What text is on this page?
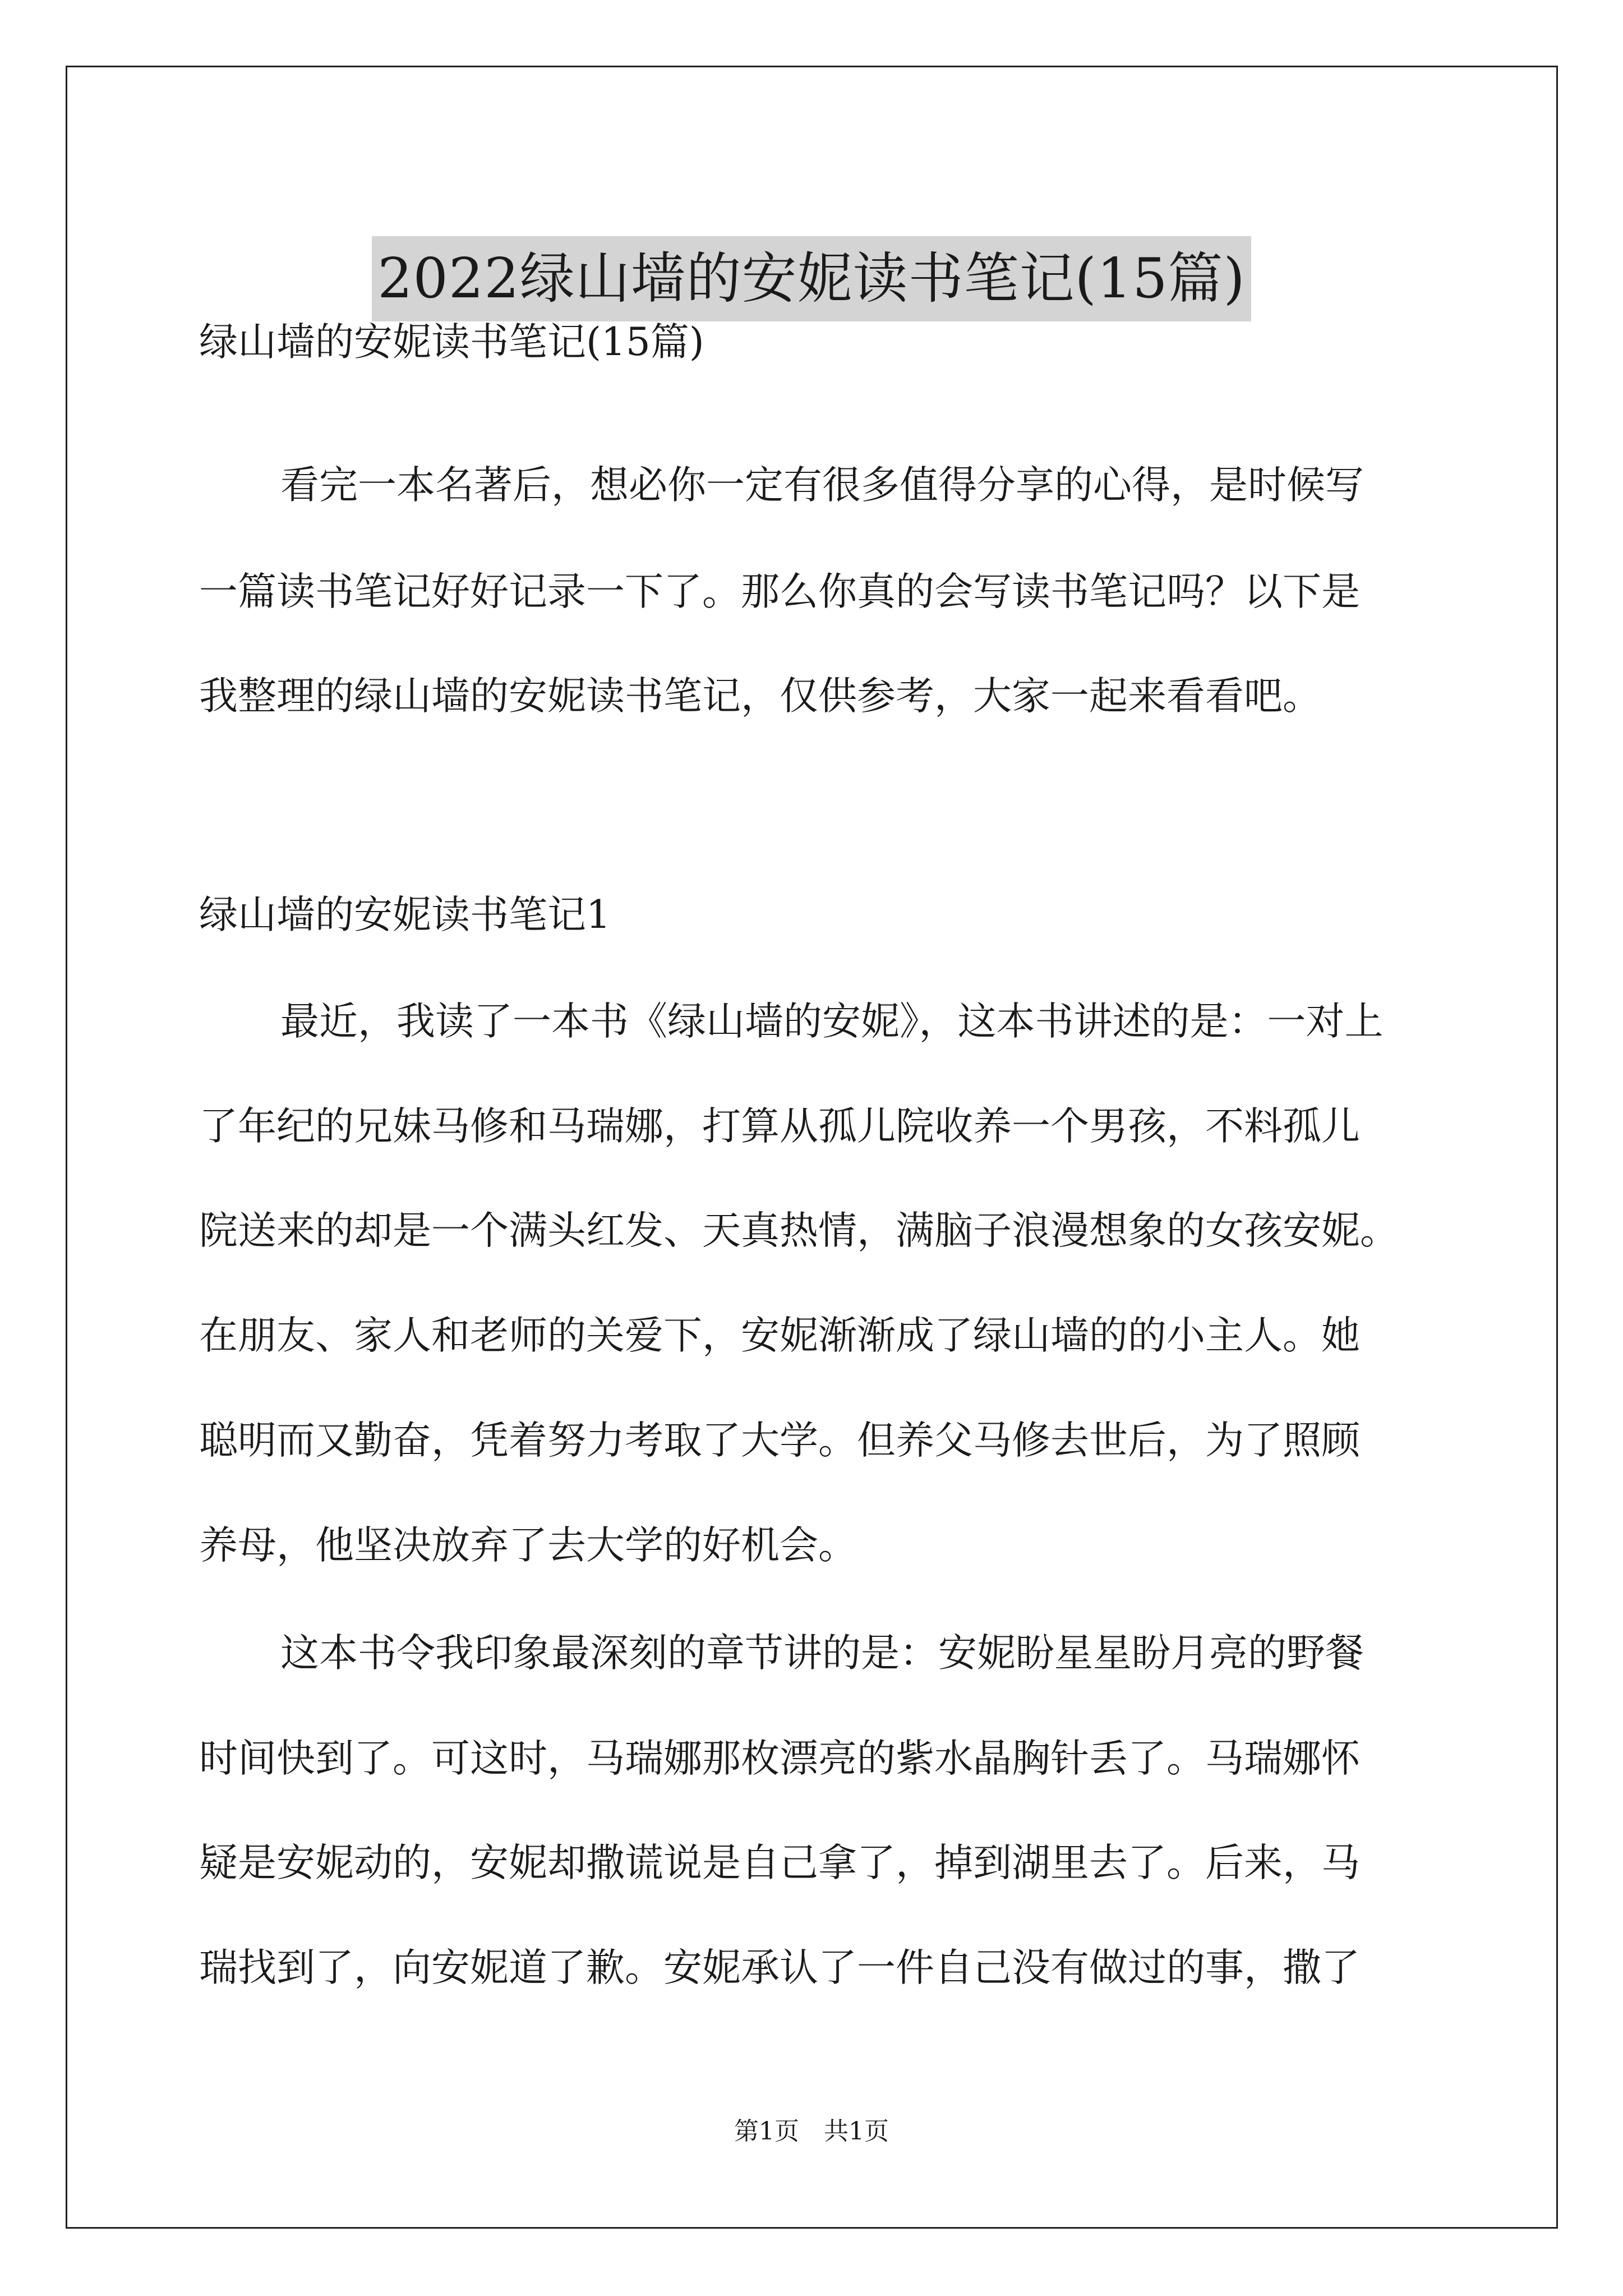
2022绿山墙的安妮读书笔记(15篇)

绿山墙的安妮读书笔记(15篇)

看完一本名著后，想必你一定有很多值得分享的心得，是时候写

一篇读书笔记好好记录一下了。那么你真的会写读书笔记吗？以下是

我整理的绿山墙的安妮读书笔记，仅供参考，大家一起来看看吧。

绿山墙的安妮读书笔记1

最近，我读了一本书《绿山墙的安妮》，这本书讲述的是：一对上

了年纪的兄妹马修和马瑞娜，打算从孤儿院收养一个男孩，不料孤儿

院送来的却是一个满头红发、天真热情，满脑子浪漫想象的女孩安妮。

在朋友、家人和老师的关爱下，安妮渐渐成了绿山墙的的小主人。她

聪明而又勤奋，凭着努力考取了大学。但养父马修去世后，为了照顾

养母，他坚决放弃了去大学的好机会。

这本书令我印象最深刻的章节讲的是：安妮盼星星盼月亮的野餐

时间快到了。可这时，马瑞娜那枚漂亮的紫水晶胸针丢了。马瑞娜怀

疑是安妮动的，安妮却撒谎说是自己拿了，掉到湖里去了。后来，马

瑞找到了，向安妮道了歉。安妮承认了一件自己没有做过的事，撒了

第1页　共1页
